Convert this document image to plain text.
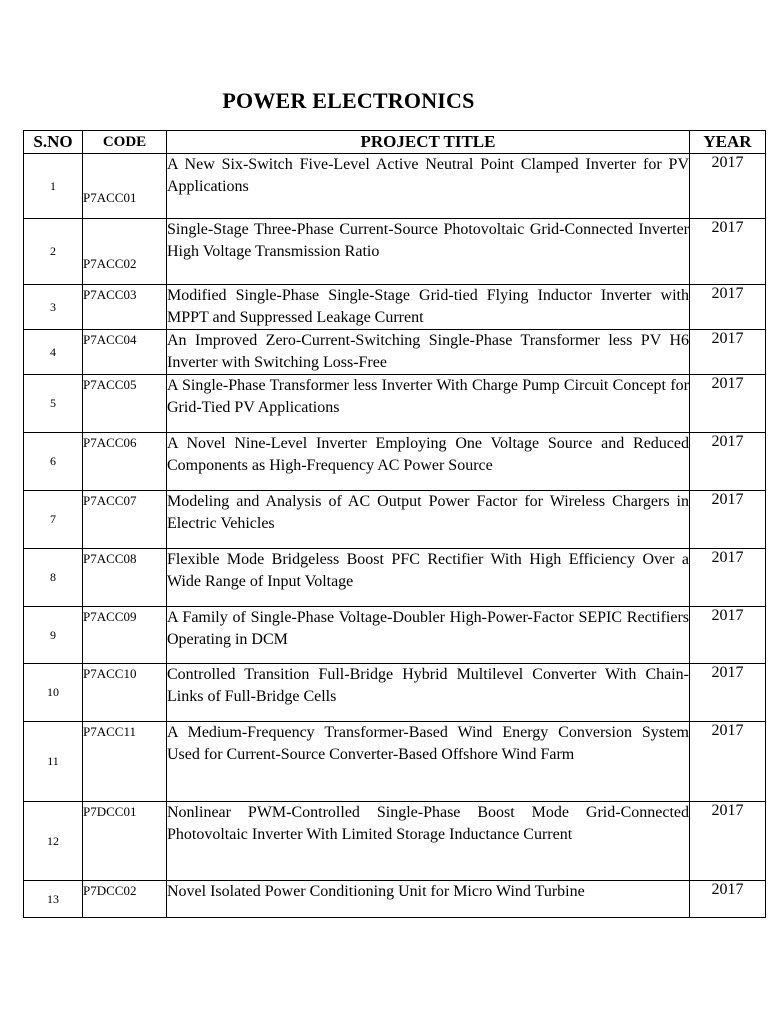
POWER ELECTRONICS
S.NO	CODE	PROJECT TITLE	YEAR
1	P7ACC01	A New Six-Switch Five-Level Active Neutral Point Clamped Inverter for PV Applications	2017
2	P7ACC02	Single-Stage Three-Phase Current-Source Photovoltaic Grid-Connected Inverter High Voltage Transmission Ratio	2017
3	P7ACC03	Modified Single-Phase Single-Stage Grid-tied Flying Inductor Inverter with MPPT and Suppressed Leakage Current	2017
4	P7ACC04	An Improved Zero-Current-Switching Single-Phase Transformer less PV H6 Inverter with Switching Loss-Free	2017
5	P7ACC05	A Single-Phase Transformer less Inverter With Charge Pump Circuit Concept for Grid-Tied PV Applications	2017
6	P7ACC06	A Novel Nine-Level Inverter Employing One Voltage Source and Reduced Components as High-Frequency AC Power Source	2017
7	P7ACC07	Modeling and Analysis of AC Output Power Factor for Wireless Chargers in Electric Vehicles	2017
8	P7ACC08	Flexible Mode Bridgeless Boost PFC Rectifier With High Efficiency Over a Wide Range of Input Voltage	2017
9	P7ACC09	A Family of Single-Phase Voltage-Doubler High-Power-Factor SEPIC Rectifiers Operating in DCM	2017
10	P7ACC10	Controlled Transition Full-Bridge Hybrid Multilevel Converter With Chain-Links of Full-Bridge Cells	2017
11	P7ACC11	A Medium-Frequency Transformer-Based Wind Energy Conversion System Used for Current-Source Converter-Based Offshore Wind Farm	2017
12	P7DCC01	Nonlinear PWM-Controlled Single-Phase Boost Mode Grid-Connected Photovoltaic Inverter With Limited Storage Inductance Current	2017
13	P7DCC02	Novel Isolated Power Conditioning Unit for Micro Wind Turbine	2017
